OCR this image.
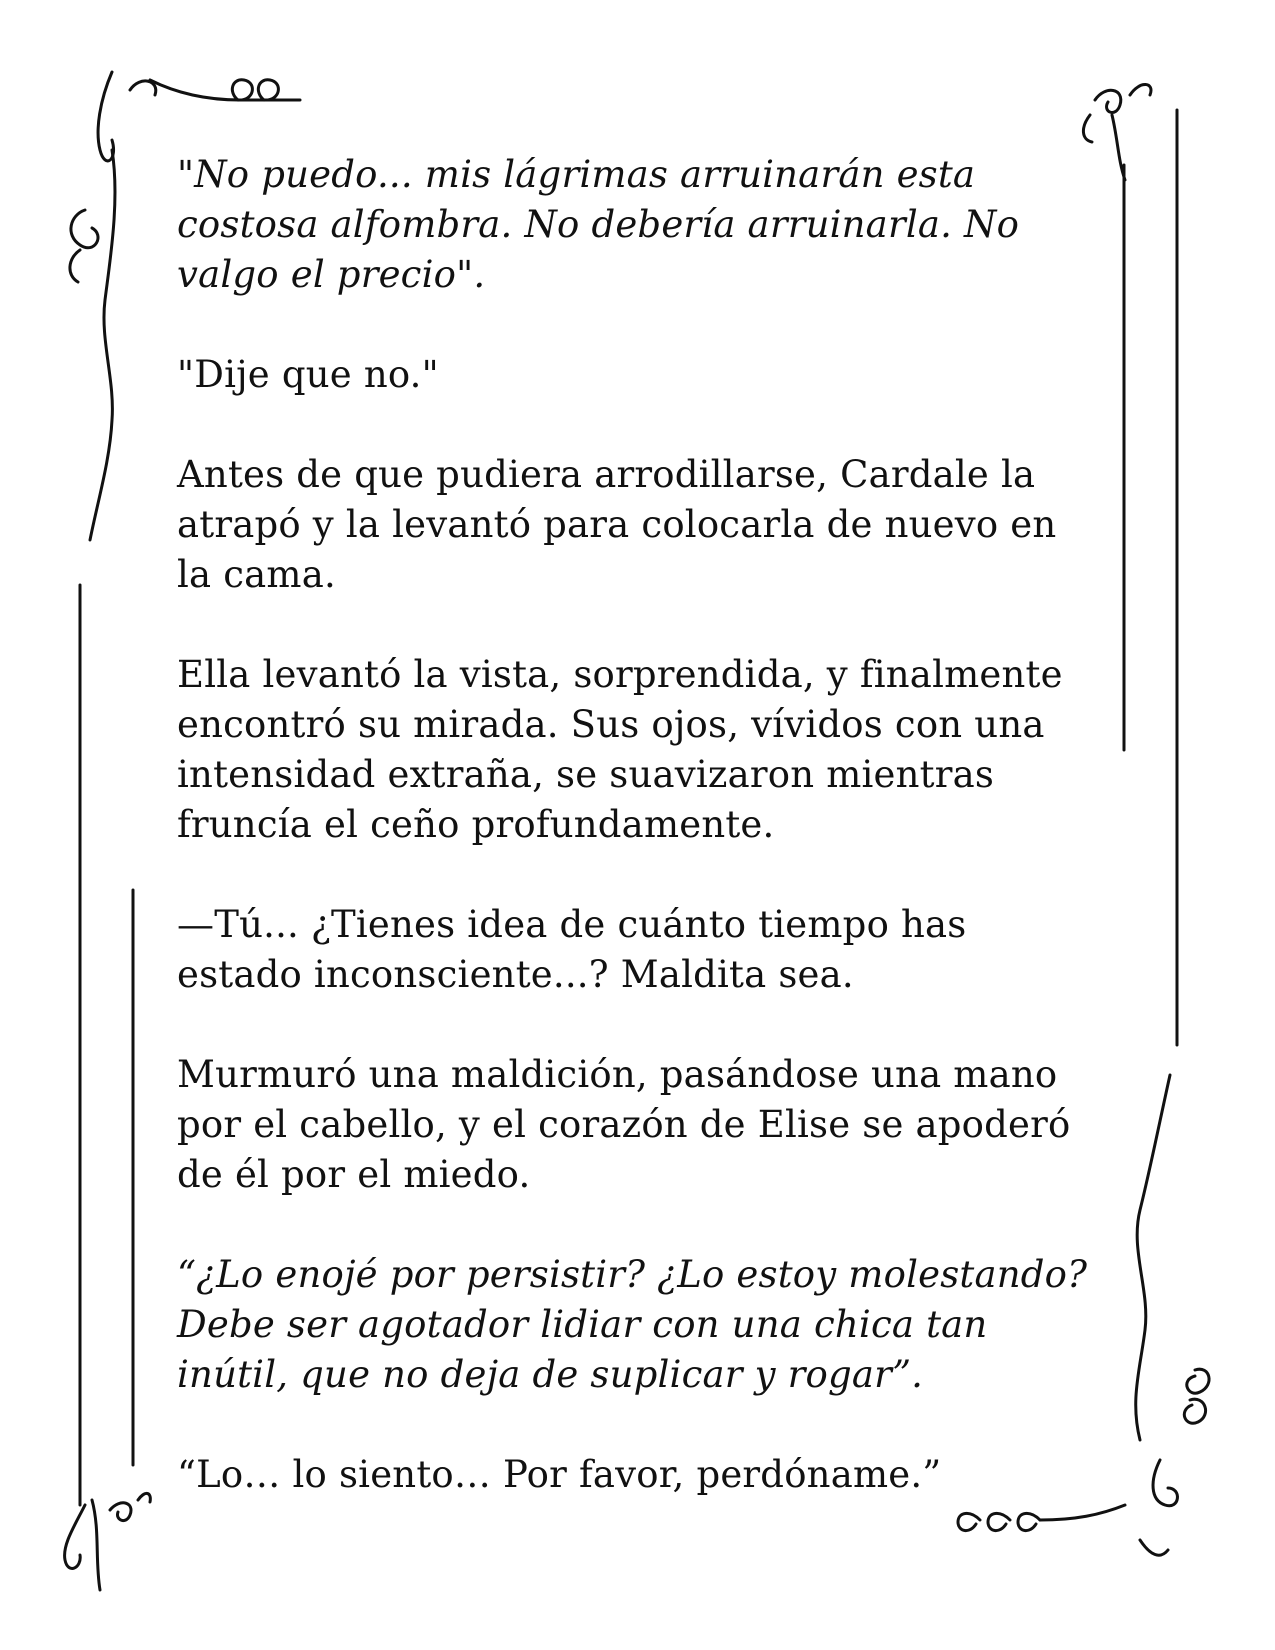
"No puedo... mis lágrimas arruinarán esta
costosa alfombra. No debería arruinarla. No
valgo el precio".

"Dije que no."

Antes de que pudiera arrodillarse, Cardale la
atrapó y la levantó para colocarla de nuevo en
la cama.

Ella levantó la vista, sorprendida, y finalmente
encontró su mirada. Sus ojos, vívidos con una
intensidad extraña, se suavizaron mientras
fruncía el ceño profundamente.

—Tú... ¿Tienes idea de cuánto tiempo has
estado inconsciente...? Maldita sea.

Murmuró una maldición, pasándose una mano
por el cabello, y el corazón de Elise se apoderó
de él por el miedo.

“¿Lo enojé por persistir? ¿Lo estoy molestando?
Debe ser agotador lidiar con una chica tan
inútil, que no deja de suplicar y rogar”.

“Lo… lo siento… Por favor, perdóname.”
